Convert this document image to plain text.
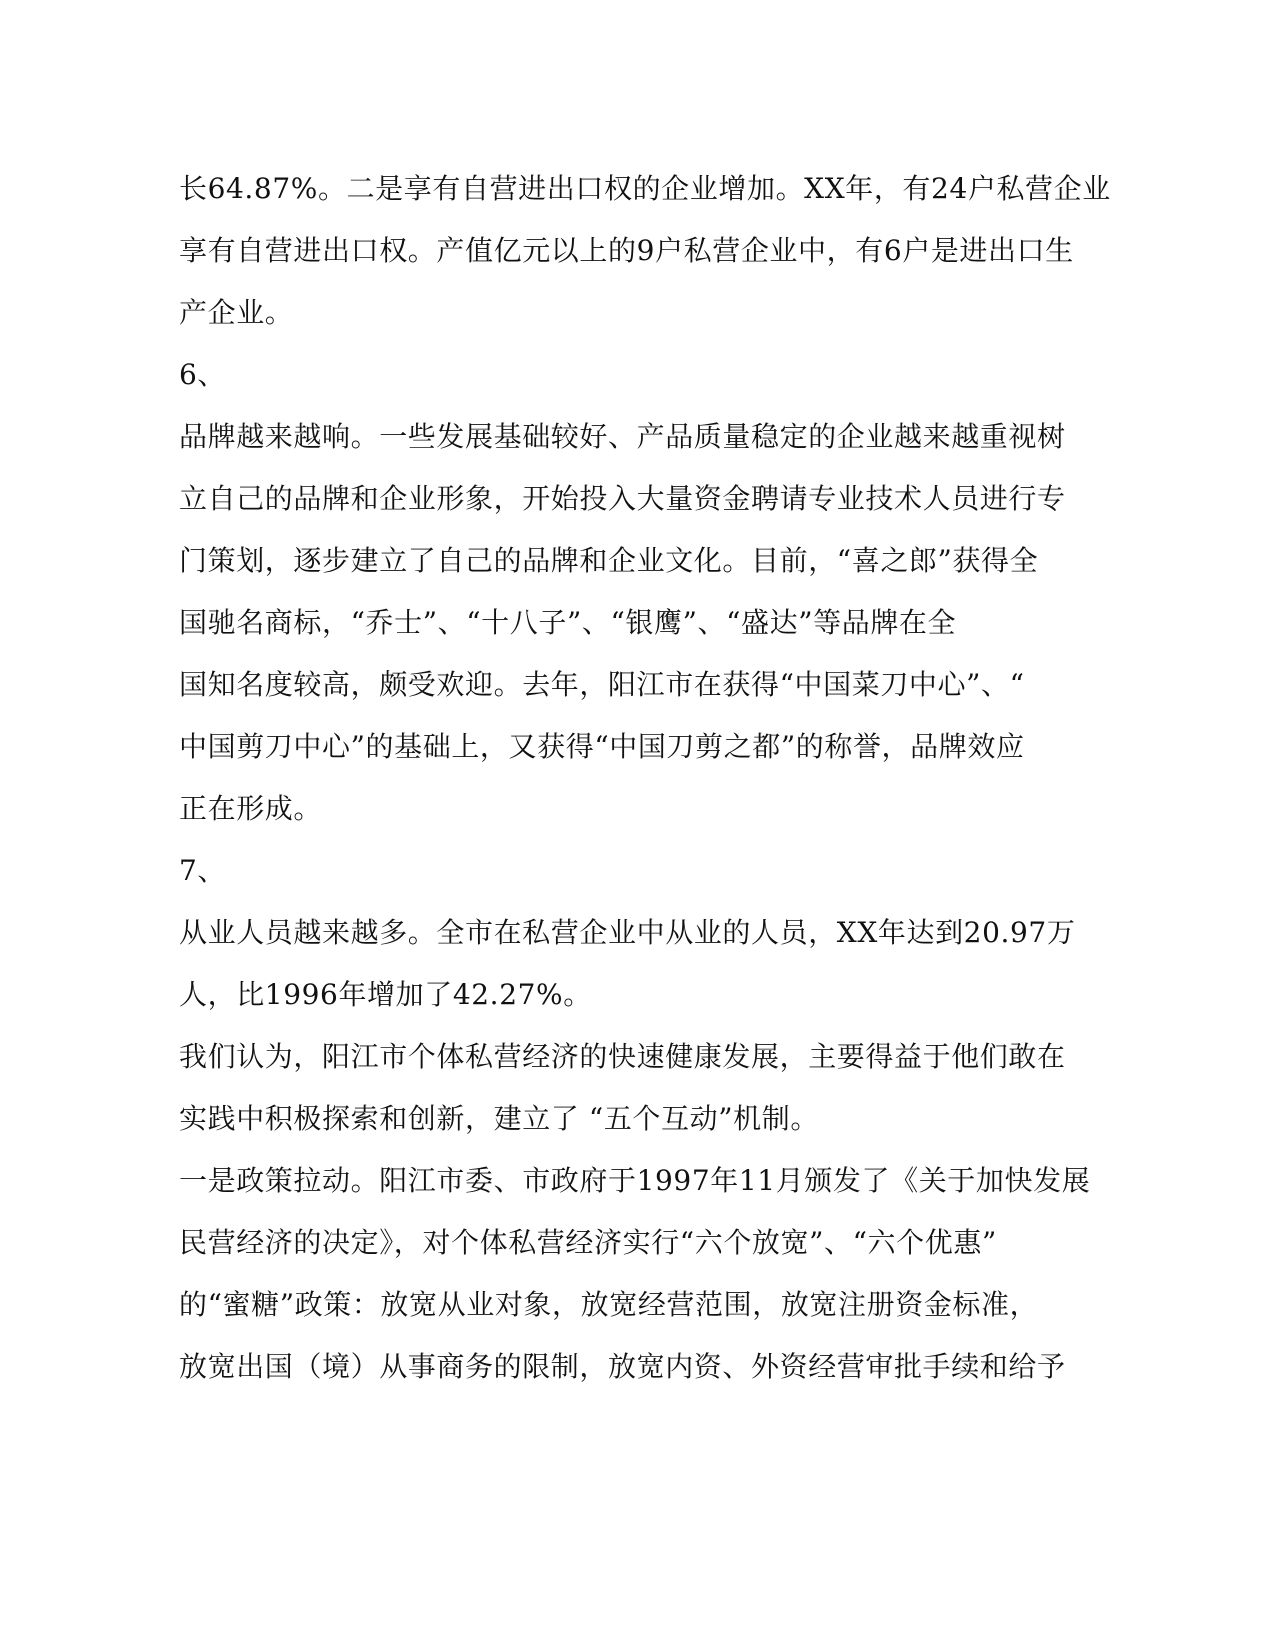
长64.87%。二是享有自营进出口权的企业增加。XX年，有24户私营企业
享有自营进出口权。产值亿元以上的9户私营企业中，有6户是进出口生
产企业。
6、
品牌越来越响。一些发展基础较好、产品质量稳定的企业越来越重视树
立自己的品牌和企业形象，开始投入大量资金聘请专业技术人员进行专
门策划，逐步建立了自己的品牌和企业文化。目前，“喜之郎”获得全
国驰名商标，“乔士”、“十八子”、“银鹰”、“盛达”等品牌在全
国知名度较高，颇受欢迎。去年，阳江市在获得“中国菜刀中心”、“
中国剪刀中心”的基础上，又获得“中国刀剪之都”的称誉，品牌效应
正在形成。
7、
从业人员越来越多。全市在私营企业中从业的人员，XX年达到20.97万
人，比1996年增加了42.27%。
我们认为，阳江市个体私营经济的快速健康发展，主要得益于他们敢在
实践中积极探索和创新，建立了 “五个互动”机制。
一是政策拉动。阳江市委、市政府于1997年11月颁发了《关于加快发展
民营经济的决定》，对个体私营经济实行“六个放宽”、“六个优惠”
的“蜜糖”政策：放宽从业对象，放宽经营范围，放宽注册资金标准，
放宽出国（境）从事商务的限制，放宽内资、外资经营审批手续和给予
